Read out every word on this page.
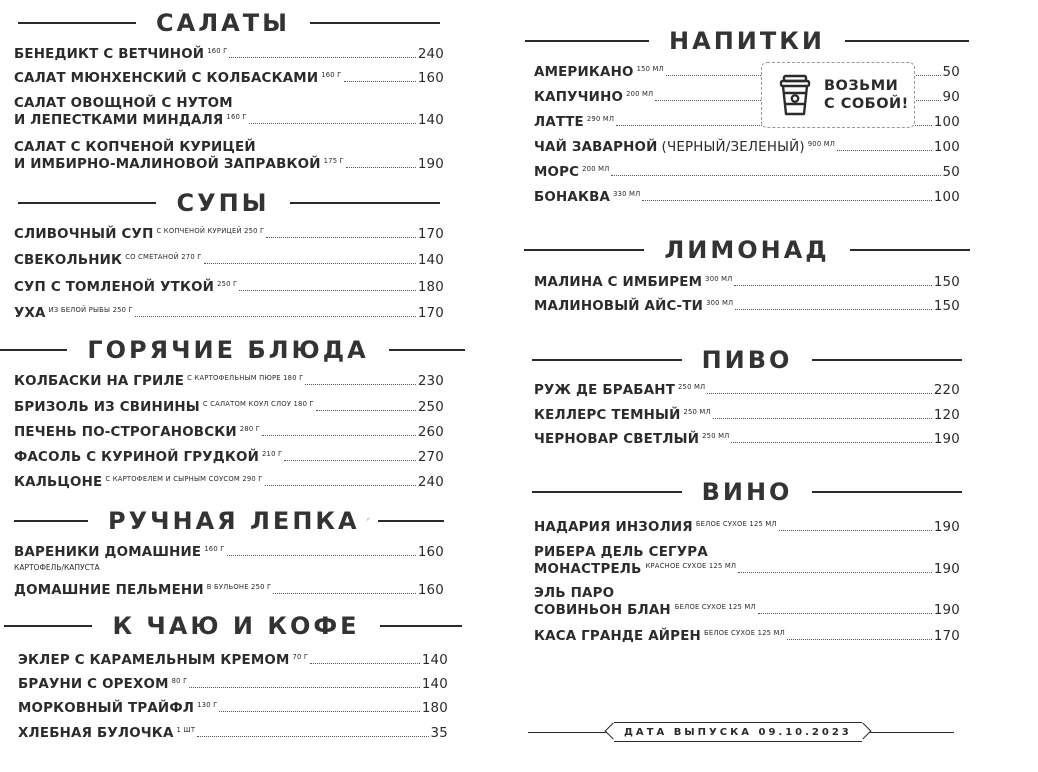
САЛАТЫ
БЕНЕДИКТ С ВЕТЧИНОЙ 160 Г	240
САЛАТ МЮНХЕНСКИЙ С КОЛБАСКАМИ 160 Г	160
САЛАТ ОВОЩНОЙ С НУТОМ
И ЛЕПЕСТКАМИ МИНДАЛЯ 160 Г	140
САЛАТ С КОПЧЕНОЙ КУРИЦЕЙ
И ИМБИРНО-МАЛИНОВОЙ ЗАПРАВКОЙ 175 Г	190
СУПЫ
СЛИВОЧНЫЙ СУП С КОПЧЕНОЙ КУРИЦЕЙ 250 Г	170
СВЕКОЛЬНИК СО СМЕТАНОЙ 270 Г	140
СУП С ТОМЛЕНОЙ УТКОЙ 250 Г	180
УХА ИЗ БЕЛОЙ РЫБЫ 250 Г	170
ГОРЯЧИЕ БЛЮДА
КОЛБАСКИ НА ГРИЛЕ С КАРТОФЕЛЬНЫМ ПЮРЕ 180 Г	230
БРИЗОЛЬ ИЗ СВИНИНЫ С САЛАТОМ КОУЛ СЛОУ 180 Г	250
ПЕЧЕНЬ ПО-СТРОГАНОВСКИ 280 Г	260
ФАСОЛЬ С КУРИНОЙ ГРУДКОЙ 210 Г	270
КАЛЬЦОНЕ С КАРТОФЕЛЕМ И СЫРНЫМ СОУСОМ 290 Г	240
РУЧНАЯ ЛЕПКА
ВАРЕНИКИ ДОМАШНИЕ 160 Г	160
КАРТОФЕЛЬ/КАПУСТА
ДОМАШНИЕ ПЕЛЬМЕНИ В БУЛЬОНЕ 250 Г	160
К ЧАЮ И КОФЕ
ЭКЛЕР С КАРАМЕЛЬНЫМ КРЕМОМ 70 Г	140
БРАУНИ С ОРЕХОМ 80 Г	140
МОРКОВНЫЙ ТРАЙФЛ 130 Г	180
ХЛЕБНАЯ БУЛОЧКА 1 ШТ	35
НАПИТКИ
АМЕРИКАНО 150 МЛ	50
КАПУЧИНО 200 МЛ	90
ЛАТТЕ 290 МЛ	100
ЧАЙ ЗАВАРНОЙ (ЧЕРНЫЙ/ЗЕЛЕНЫЙ) 900 МЛ	100
МОРС 200 МЛ	50
БОНАКВА 330 МЛ	100
ВОЗЬМИ
С СОБОЙ!
ЛИМОНАД
МАЛИНА С ИМБИРЕМ 300 МЛ	150
МАЛИНОВЫЙ АЙС-ТИ 300 МЛ	150
ПИВО
РУЖ ДЕ БРАБАНТ 250 МЛ	220
КЕЛЛЕРС ТЕМНЫЙ 250 МЛ	120
ЧЕРНОВАР СВЕТЛЫЙ 250 МЛ	190
ВИНО
НАДАРИЯ ИНЗОЛИЯ БЕЛОЕ СУХОЕ 125 МЛ	190
РИБЕРА ДЕЛЬ СЕГУРА
МОНАСТРЕЛЬ КРАСНОЕ СУХОЕ 125 МЛ	190
ЭЛЬ ПАРО
СОВИНЬОН БЛАН БЕЛОЕ СУХОЕ 125 МЛ	190
КАСА ГРАНДЕ АЙРЕН БЕЛОЕ СУХОЕ 125 МЛ	170
ДАТА ВЫПУСКА 09.10.2023
